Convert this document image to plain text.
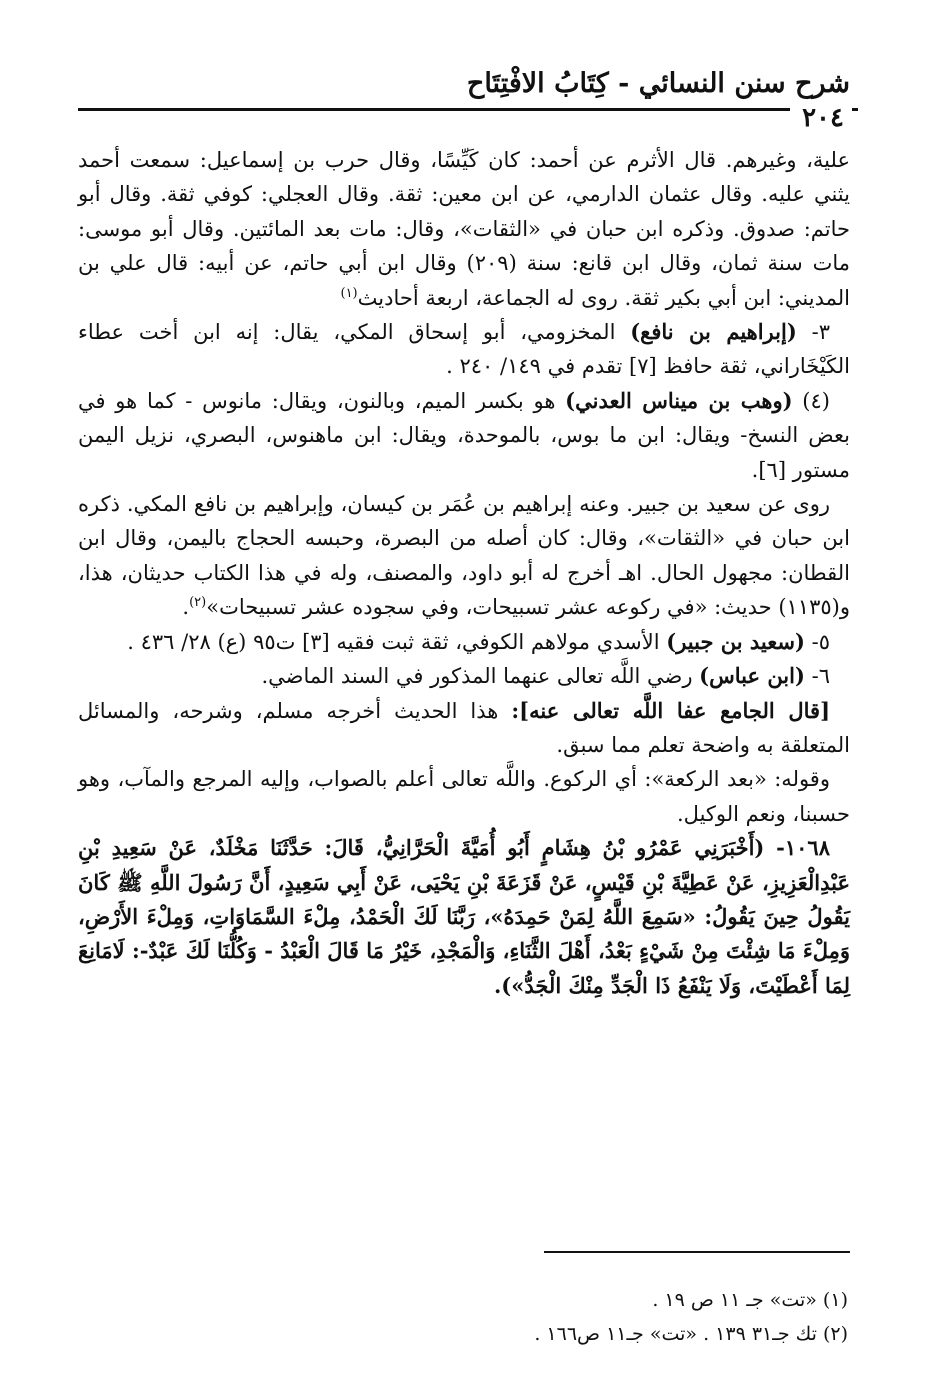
شرح سنن النسائي - كِتَابُ الافْتِتَاح
٢٠٤

علية، وغيرهم. قال الأثرم عن أحمد: كان كَيِّسًا، وقال حرب بن إسماعيل: سمعت أحمد يثني عليه. وقال عثمان الدارمي، عن ابن معين: ثقة. وقال العجلي: كوفي ثقة. وقال أبو حاتم: صدوق. وذكره ابن حبان في «الثقات»، وقال: مات بعد المائتين. وقال أبو موسى: مات سنة ثمان، وقال ابن قانع: سنة (٢٠٩) وقال ابن أبي حاتم، عن أبيه: قال علي بن المديني: ابن أبي بكير ثقة. روى له الجماعة، اربعة أحاديث$^{(١)}$

٣- (إبراهيم بن نافع) المخزومي، أبو إسحاق المكي، يقال: إنه ابن أخت عطاء الكَيْخَاراني، ثقة حافظ [٧] تقدم في ١٤٩/ ٢٤٠ .

(٤) (وهب بن ميناس العدني) هو بكسر الميم، وبالنون، ويقال: مانوس - كما هو في بعض النسخ- ويقال: ابن ما بوس، بالموحدة، ويقال: ابن ماهنوس، البصري، نزيل اليمن مستور [٦].

روى عن سعيد بن جبير. وعنه إبراهيم بن عُمَر بن كيسان، وإبراهيم بن نافع المكي. ذكره ابن حبان في «الثقات»، وقال: كان أصله من البصرة، وحبسه الحجاج باليمن، وقال ابن القطان: مجهول الحال. اهـ أخرج له أبو داود، والمصنف، وله في هذا الكتاب حديثان، هذا، و(١١٣٥) حديث: «في ركوعه عشر تسبيحات، وفي سجوده عشر تسبيحات»$^{(٢)}$.

٥- (سعيد بن جبير) الأسدي مولاهم الكوفي، ثقة ثبت فقيه [٣] ت٩٥ (ع) ٢٨/ ٤٣٦ .

٦- (ابن عباس) رضي اللَّه تعالى عنهما المذكور في السند الماضي.

[قال الجامع عفا اللَّه تعالى عنه]: هذا الحديث أخرجه مسلم، وشرحه، والمسائل المتعلقة به واضحة تعلم مما سبق.

وقوله: «بعد الركعة»: أي الركوع. واللَّه تعالى أعلم بالصواب، وإليه المرجع والمآب، وهو حسبنا، ونعم الوكيل.

١٠٦٨- (أَخْبَرَنِي عَمْرُو بْنُ هِشَامٍ أَبُو أُمَيَّةَ الْحَرَّانِيُّ، قَالَ: حَدَّثَنَا مَخْلَدٌ، عَنْ سَعِيدِ بْنِ عَبْدِالْعَزِيزِ، عَنْ عَطِيَّةَ بْنِ قَيْسٍ، عَنْ قَزَعَةَ بْنِ يَحْيَى، عَنْ أَبِي سَعِيدٍ، أَنَّ رَسُولَ اللَّهِ ﷺ كَانَ يَقُولُ حِينَ يَقُولُ: «سَمِعَ اللَّهُ لِمَنْ حَمِدَهُ»، رَبَّنَا لَكَ الْحَمْدُ، مِلْءَ السَّمَاوَاتِ، وَمِلْءَ الأَرْضِ، وَمِلْءَ مَا شِئْتَ مِنْ شَيْءٍ بَعْدُ، أَهْلَ الثَّنَاءِ، وَالْمَجْدِ، خَيْرُ مَا قَالَ الْعَبْدُ - وَكُلُّنَا لَكَ عَبْدٌ-: لَامَانِعَ لِمَا أَعْطَيْتَ، وَلَا يَنْفَعُ ذَا الْجَدِّ مِنْكَ الْجَدُّ»).

(١) «تت» جـ ١١ ص ١٩ .

(٢) تك جـ٣١ ١٣٩ . «تت» جـ١١ ص١٦٦ .
